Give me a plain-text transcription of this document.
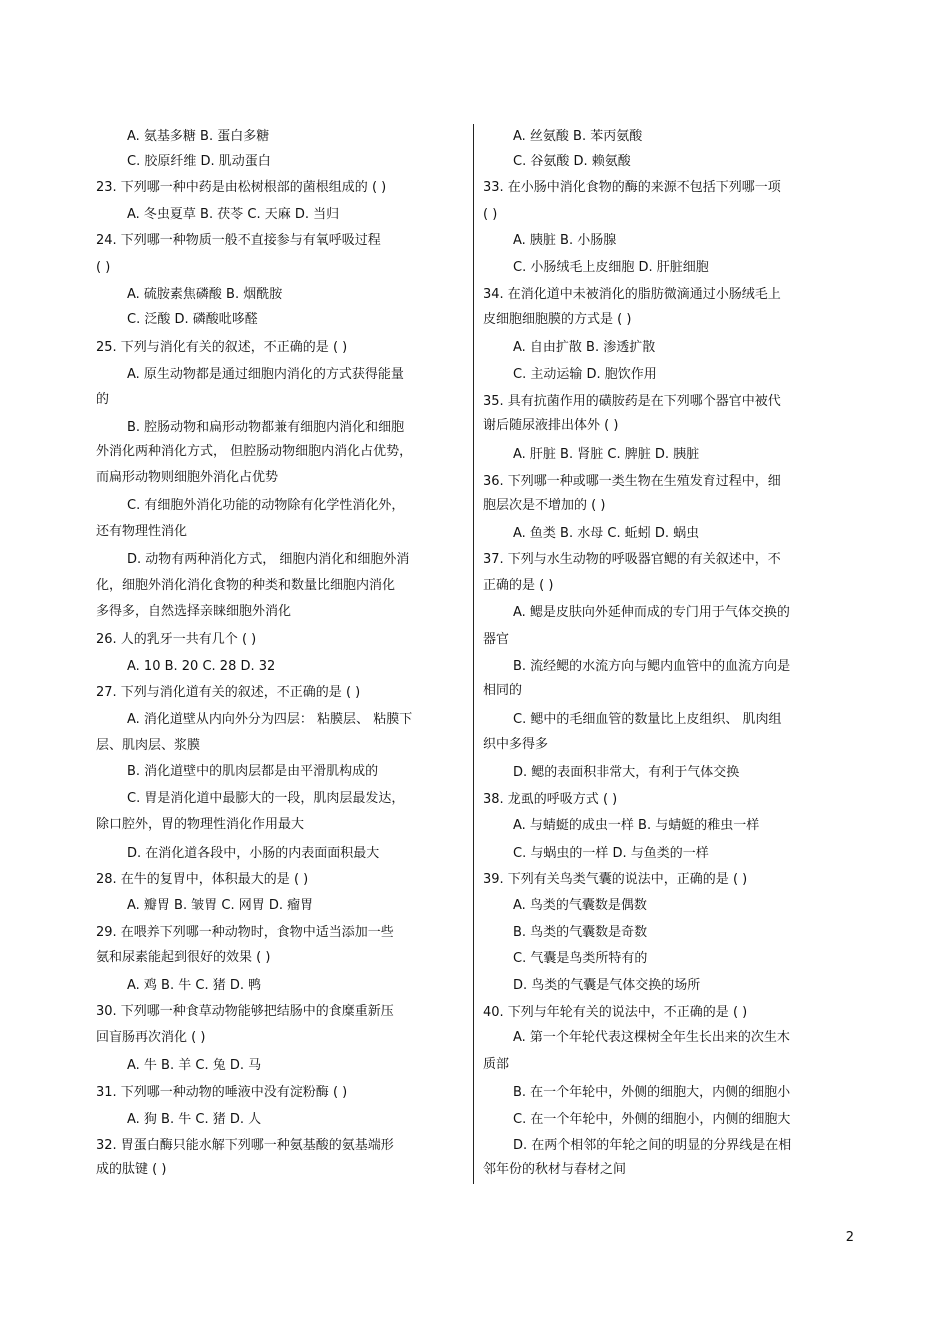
A. 氨基多糖 B. 蛋白多糖
C. 胶原纤维 D. 肌动蛋白
23. 下列哪一种中药是由松树根部的菌根组成的 ( )
A. 冬虫夏草 B. 茯苓 C. 天麻 D. 当归
24. 下列哪一种物质一般不直接参与有氧呼吸过程
( )
A. 硫胺素焦磷酸 B. 烟酰胺
C. 泛酸 D. 磷酸吡哆醛
25. 下列与消化有关的叙述，不正确的是 ( )
A. 原生动物都是通过细胞内消化的方式获得能量
的
B. 腔肠动物和扁形动物都兼有细胞内消化和细胞
外消化两种消化方式， 但腔肠动物细胞内消化占优势，
而扁形动物则细胞外消化占优势
C. 有细胞外消化功能的动物除有化学性消化外，
还有物理性消化
D. 动物有两种消化方式， 细胞内消化和细胞外消
化，细胞外消化消化食物的种类和数量比细胞内消化
多得多，自然选择亲睐细胞外消化
26. 人的乳牙一共有几个 ( )
A. 10 B. 20 C. 28 D. 32
27. 下列与消化道有关的叙述，不正确的是 ( )
A. 消化道壁从内向外分为四层： 粘膜层、 粘膜下
层、肌肉层、浆膜
B. 消化道壁中的肌肉层都是由平滑肌构成的
C. 胃是消化道中最膨大的一段，肌肉层最发达，
除口腔外，胃的物理性消化作用最大
D. 在消化道各段中，小肠的内表面面积最大
28. 在牛的复胃中，体积最大的是 ( )
A. 瓣胃 B. 皱胃 C. 网胃 D. 瘤胃
29. 在喂养下列哪一种动物时，食物中适当添加一些
氨和尿素能起到很好的效果 ( )
A. 鸡 B. 牛 C. 猪 D. 鸭
30. 下列哪一种食草动物能够把结肠中的食糜重新压
回盲肠再次消化 ( )
A. 牛 B. 羊 C. 兔 D. 马
31. 下列哪一种动物的唾液中没有淀粉酶 ( )
A. 狗 B. 牛 C. 猪 D. 人
32. 胃蛋白酶只能水解下列哪一种氨基酸的氨基端形
成的肽键 ( )
A. 丝氨酸 B. 苯丙氨酸
C. 谷氨酸 D. 赖氨酸
33. 在小肠中消化食物的酶的来源不包括下列哪一项
( )
A. 胰脏 B. 小肠腺
C. 小肠绒毛上皮细胞 D. 肝脏细胞
34. 在消化道中未被消化的脂肪微滴通过小肠绒毛上
皮细胞细胞膜的方式是 ( )
A. 自由扩散 B. 渗透扩散
C. 主动运输 D. 胞饮作用
35. 具有抗菌作用的磺胺药是在下列哪个器官中被代
谢后随尿液排出体外 ( )
A. 肝脏 B. 肾脏 C. 脾脏 D. 胰脏
36. 下列哪一种或哪一类生物在生殖发育过程中，细
胞层次是不增加的 ( )
A. 鱼类 B. 水母 C. 蚯蚓 D. 蜗虫
37. 下列与水生动物的呼吸器官鳃的有关叙述中，不
正确的是 ( )
A. 鳃是皮肤向外延伸而成的专门用于气体交换的
器官
B. 流经鳃的水流方向与鳃内血管中的血流方向是
相同的
C. 鳃中的毛细血管的数量比上皮组织、 肌肉组
织中多得多
D. 鳃的表面积非常大，有利于气体交换
38. 龙虱的呼吸方式 ( )
A. 与蜻蜓的成虫一样 B. 与蜻蜓的稚虫一样
C. 与蜗虫的一样 D. 与鱼类的一样
39. 下列有关鸟类气囊的说法中，正确的是 ( )
A. 鸟类的气囊数是偶数
B. 鸟类的气囊数是奇数
C. 气囊是鸟类所特有的
D. 鸟类的气囊是气体交换的场所
40. 下列与年轮有关的说法中，不正确的是 ( )
A. 第一个年轮代表这棵树全年生长出来的次生木
质部
B. 在一个年轮中，外侧的细胞大，内侧的细胞小
C. 在一个年轮中，外侧的细胞小，内侧的细胞大
D. 在两个相邻的年轮之间的明显的分界线是在相
邻年份的秋材与春材之间
2
